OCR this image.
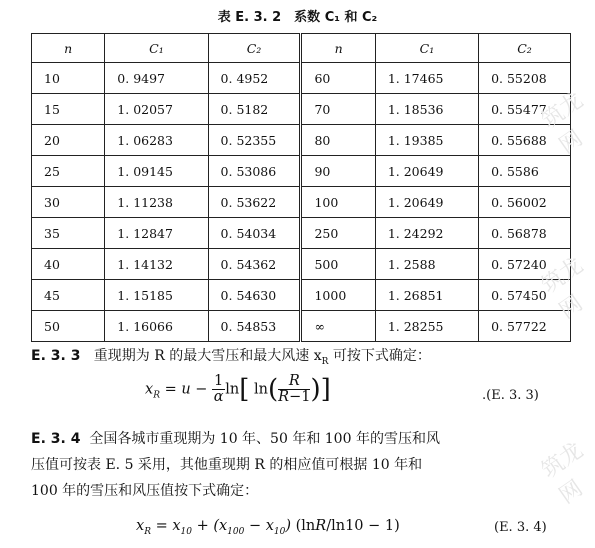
表 E. 3. 2　系数 C₁ 和 C₂
n	C₁	C₂	n	C₁	C₂
10	0. 9497	0. 4952	60	1. 17465	0. 55208
15	1. 02057	0. 5182	70	1. 18536	0. 55477
20	1. 06283	0. 52355	80	1. 19385	0. 55688
25	1. 09145	0. 53086	90	1. 20649	0. 5586
30	1. 11238	0. 53622	100	1. 20649	0. 56002
35	1. 12847	0. 54034	250	1. 24292	0. 56878
40	1. 14132	0. 54362	500	1. 2588	0. 57240
45	1. 15185	0. 54630	1000	1. 26851	0. 57450
50	1. 16066	0. 54853	∞	1. 28255	0. 57722
E. 3. 3 重现期为 R 的最大雪压和最大风速 $x_R$ 可按下式确定：
$x_R = u - \frac{1}{\alpha} \ln$[ $\ln( \frac{R}{R-1}$ )]	.(E. 3. 3)
E. 3. 4 全国各城市重现期为 10 年、50 年和 100 年的雪压和风
压值可按表 E. 5 采用，其他重现期 R 的相应值可根据 10 年和
100 年的雪压和风压值按下式确定：
$x_R = x_{10} + (x_{100} - x_{10}) (\ln R/\ln 10 - 1)$	(E. 3. 4)
筑龙网
筑龙网
筑龙网
